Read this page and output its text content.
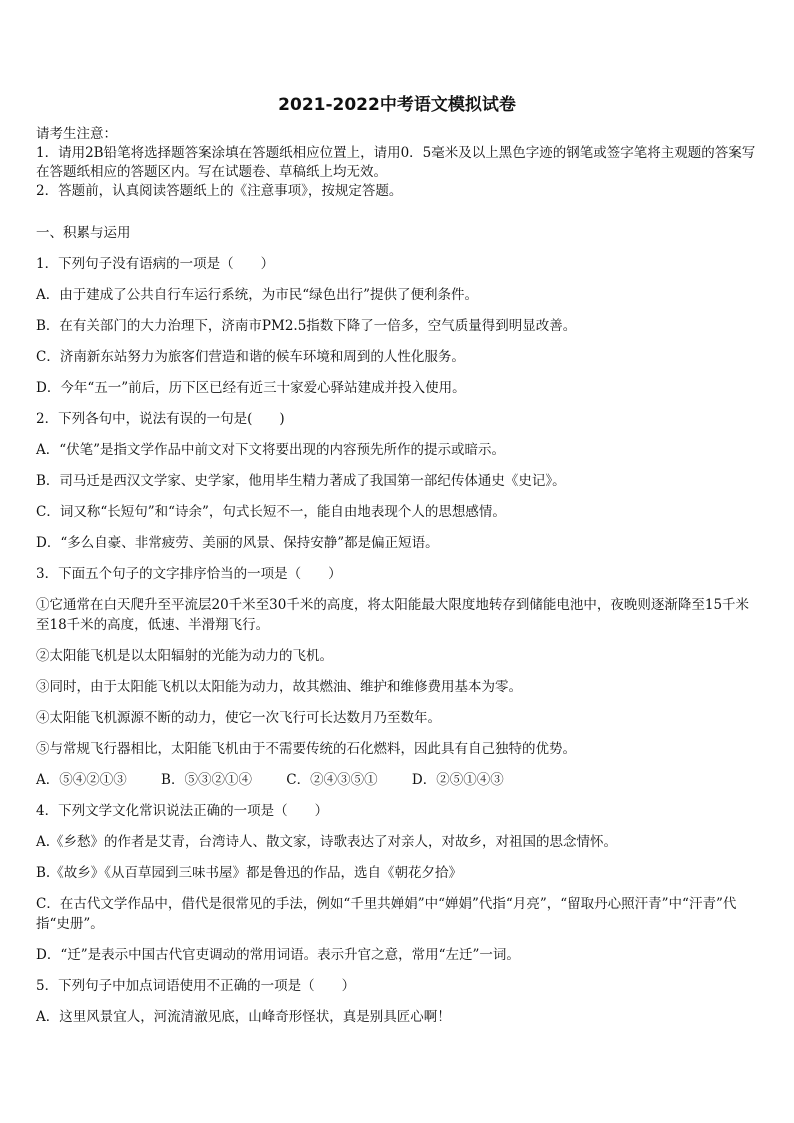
2021-2022中考语文模拟试卷
请考生注意：
1．请用2B铅笔将选择题答案涂填在答题纸相应位置上，请用0．5毫米及以上黑色字迹的钢笔或签字笔将主观题的答案写在答题纸相应的答题区内。写在试题卷、草稿纸上均无效。
2．答题前，认真阅读答题纸上的《注意事项》，按规定答题。
一、积累与运用
1．下列句子没有语病的一项是（　　）
A．由于建成了公共自行车运行系统，为市民“绿色出行”提供了便利条件。
B．在有关部门的大力治理下，济南市PM2.5指数下降了一倍多，空气质量得到明显改善。
C．济南新东站努力为旅客们营造和谐的候车环境和周到的人性化服务。
D．今年“五一”前后，历下区已经有近三十家爱心驿站建成并投入使用。
2．下列各句中，说法有误的一句是(　　)
A．“伏笔”是指文学作品中前文对下文将要出现的内容预先所作的提示或暗示。
B．司马迁是西汉文学家、史学家，他用毕生精力著成了我国第一部纪传体通史《史记》。
C．词又称“长短句”和“诗余”，句式长短不一，能自由地表现个人的思想感情。
D．“多么自豪、非常疲劳、美丽的风景、保持安静”都是偏正短语。
3．下面五个句子的文字排序恰当的一项是（　　）
①它通常在白天爬升至平流层20千米至30千米的高度，将太阳能最大限度地转存到储能电池中，夜晚则逐渐降至15千米至18千米的高度，低速、半滑翔飞行。
②太阳能飞机是以太阳辐射的光能为动力的飞机。
③同时，由于太阳能飞机以太阳能为动力，故其燃油、维护和维修费用基本为零。
④太阳能飞机源源不断的动力，使它一次飞行可长达数月乃至数年。
⑤与常规飞行器相比，太阳能飞机由于不需要传统的石化燃料，因此具有自己独特的优势。
A．⑤④②①③	B．⑤③②①④	C．②④③⑤①	D．②⑤①④③
4．下列文学文化常识说法正确的一项是（　　）
A.《乡愁》的作者是艾青，台湾诗人、散文家，诗歌表达了对亲人，对故乡，对祖国的思念情怀。
B.《故乡》《从百草园到三味书屋》都是鲁迅的作品，选自《朝花夕拾》
C．在古代文学作品中，借代是很常见的手法，例如“千里共婵娟”中“婵娟”代指“月亮”，“留取丹心照汗青”中“汗青”代指“史册”。
D．“迁”是表示中国古代官吏调动的常用词语。表示升官之意，常用“左迁”一词。
5．下列句子中加点词语使用不正确的一项是（　　）
A．这里风景宜人，河流清澈见底，山峰奇形怪状，真是别具匠心啊！
